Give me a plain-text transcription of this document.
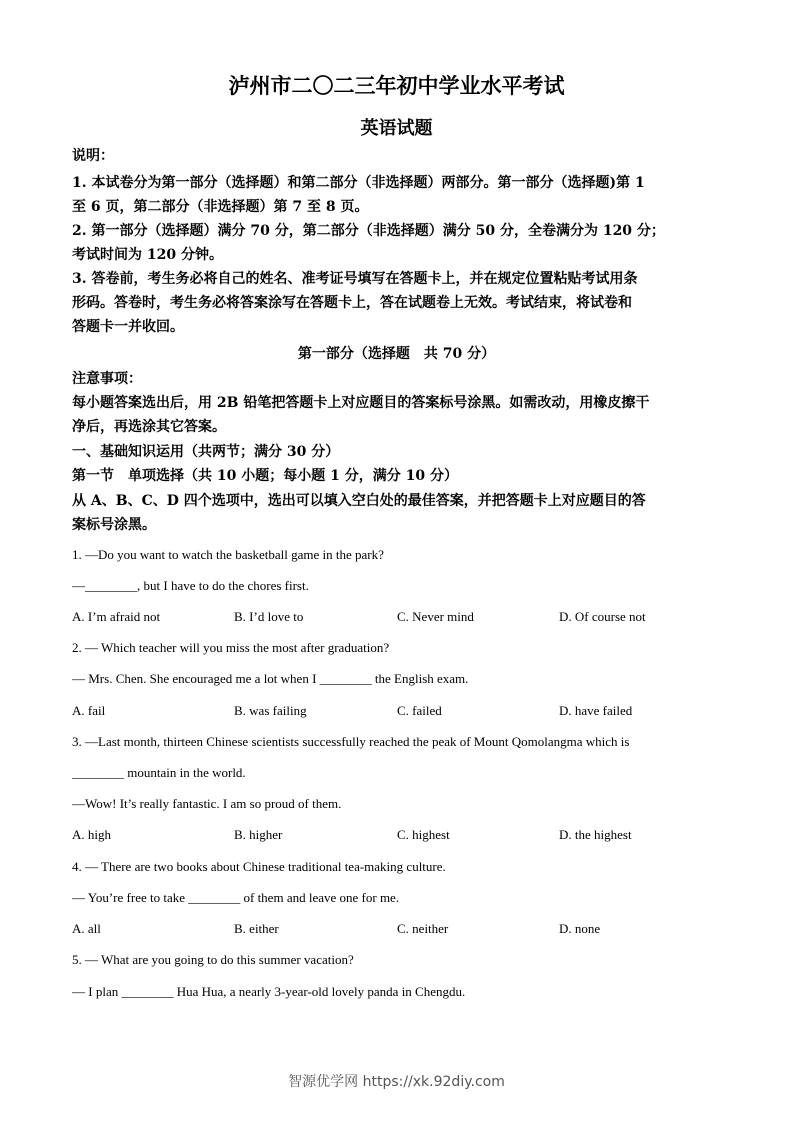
泸州市二〇二三年初中学业水平考试
英语试题
说明：
1. 本试卷分为第一部分（选择题）和第二部分（非选择题）两部分。第一部分（选择题)第 1
至 6 页，第二部分（非选择题）第 7 至 8 页。
2. 第一部分（选择题）满分 70 分，第二部分（非选择题）满分 50 分，全卷满分为 120 分；
考试时间为 120 分钟。
3. 答卷前，考生务必将自己的姓名、准考证号填写在答题卡上，并在规定位置粘贴考试用条
形码。答卷时，考生务必将答案涂写在答题卡上，答在试题卷上无效。考试结束，将试卷和
答题卡一并收回。
第一部分（选择题　共 70 分）
注意事项：
每小题答案选出后，用 2B 铅笔把答题卡上对应题目的答案标号涂黑。如需改动，用橡皮擦干
净后，再选涂其它答案。
一、基础知识运用（共两节；满分 30 分）
第一节　单项选择（共 10 小题；每小题 1 分，满分 10 分）
从 A、B、C、D 四个选项中，选出可以填入空白处的最佳答案，并把答题卡上对应题目的答
案标号涂黑。
1. —Do you want to watch the basketball game in the park?
—________, but I have to do the chores first.
A. I’m afraid not	B. I’d love to	C. Never mind	D. Of course not
2. — Which teacher will you miss the most after graduation?
— Mrs. Chen. She encouraged me a lot when I ________ the English exam.
A. fail	B. was failing	C. failed	D. have failed
3. —Last month, thirteen Chinese scientists successfully reached the peak of Mount Qomolangma which is
________ mountain in the world.
—Wow! It’s really fantastic. I am so proud of them.
A. high	B. higher	C. highest	D. the highest
4. — There are two books about Chinese traditional tea-making culture.
— You’re free to take ________ of them and leave one for me.
A. all	B. either	C. neither	D. none
5. — What are you going to do this summer vacation?
— I plan ________ Hua Hua, a nearly 3-year-old lovely panda in Chengdu.
智源优学网 https://xk.92diy.com
